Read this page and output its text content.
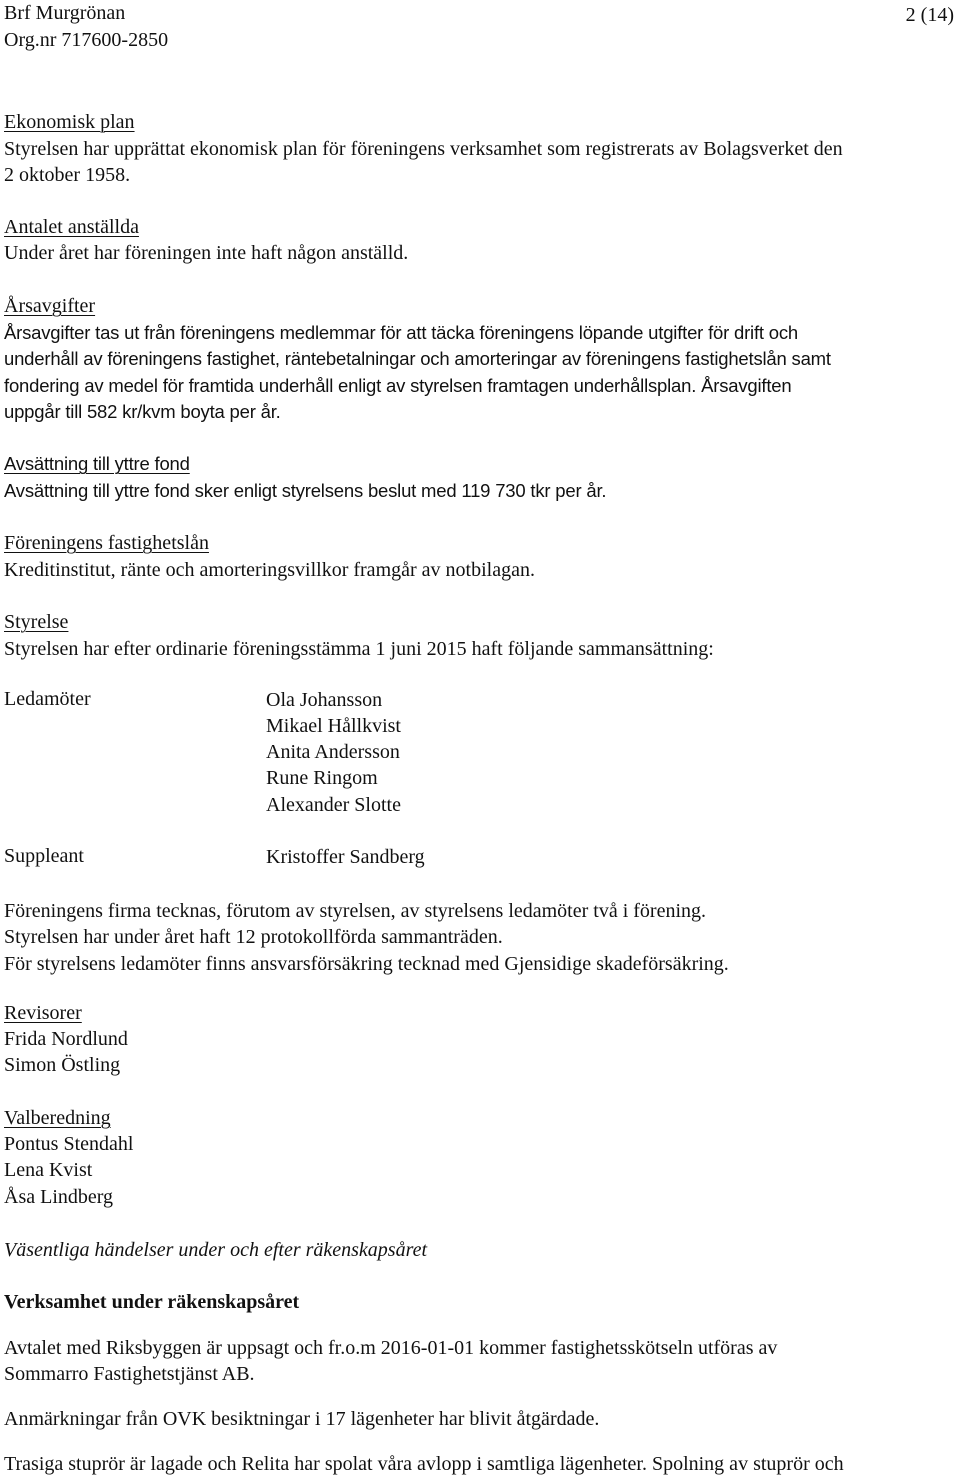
Brf Murgrönan
Org.nr 717600-2850
2 (14)
Ekonomisk plan
Styrelsen har upprättat ekonomisk plan för föreningens verksamhet som registrerats av Bolagsverket den
2 oktober 1958.
Antalet anställda
Under året har föreningen inte haft någon anställd.
Årsavgifter
Årsavgifter tas ut från föreningens medlemmar för att täcka föreningens löpande utgifter för drift och
underhåll av föreningens fastighet, räntebetalningar och amorteringar av föreningens fastighetslån samt
fondering av medel för framtida underhåll enligt av styrelsen framtagen underhållsplan. Årsavgiften
uppgår till 582 kr/kvm boyta per år.
Avsättning till yttre fond
Avsättning till yttre fond sker enligt styrelsens beslut med 119 730 tkr per år.
Föreningens fastighetslån
Kreditinstitut, ränte och amorteringsvillkor framgår av notbilagan.
Styrelse
Styrelsen har efter ordinarie föreningsstämma 1 juni 2015 haft följande sammansättning:
Ledamöter	Ola Johansson
Mikael Hållkvist
Anita Andersson
Rune Ringom
Alexander Slotte
Suppleant	Kristoffer Sandberg
Föreningens firma tecknas, förutom av styrelsen, av styrelsens ledamöter två i förening.
Styrelsen har under året haft 12 protokollförda sammanträden.
För styrelsens ledamöter finns ansvarsförsäkring tecknad med Gjensidige skadeförsäkring.
Revisorer
Frida Nordlund
Simon Östling
Valberedning
Pontus Stendahl
Lena Kvist
Åsa Lindberg
Väsentliga händelser under och efter räkenskapsåret
Verksamhet under räkenskapsåret
Avtalet med Riksbyggen är uppsagt och fr.o.m 2016-01-01 kommer fastighetsskötseln utföras av
Sommarro Fastighetstjänst AB.
Anmärkningar från OVK besiktningar i 17 lägenheter har blivit åtgärdade.
Trasiga stuprör är lagade och Relita har spolat våra avlopp i samtliga lägenheter. Spolning av stuprör och
